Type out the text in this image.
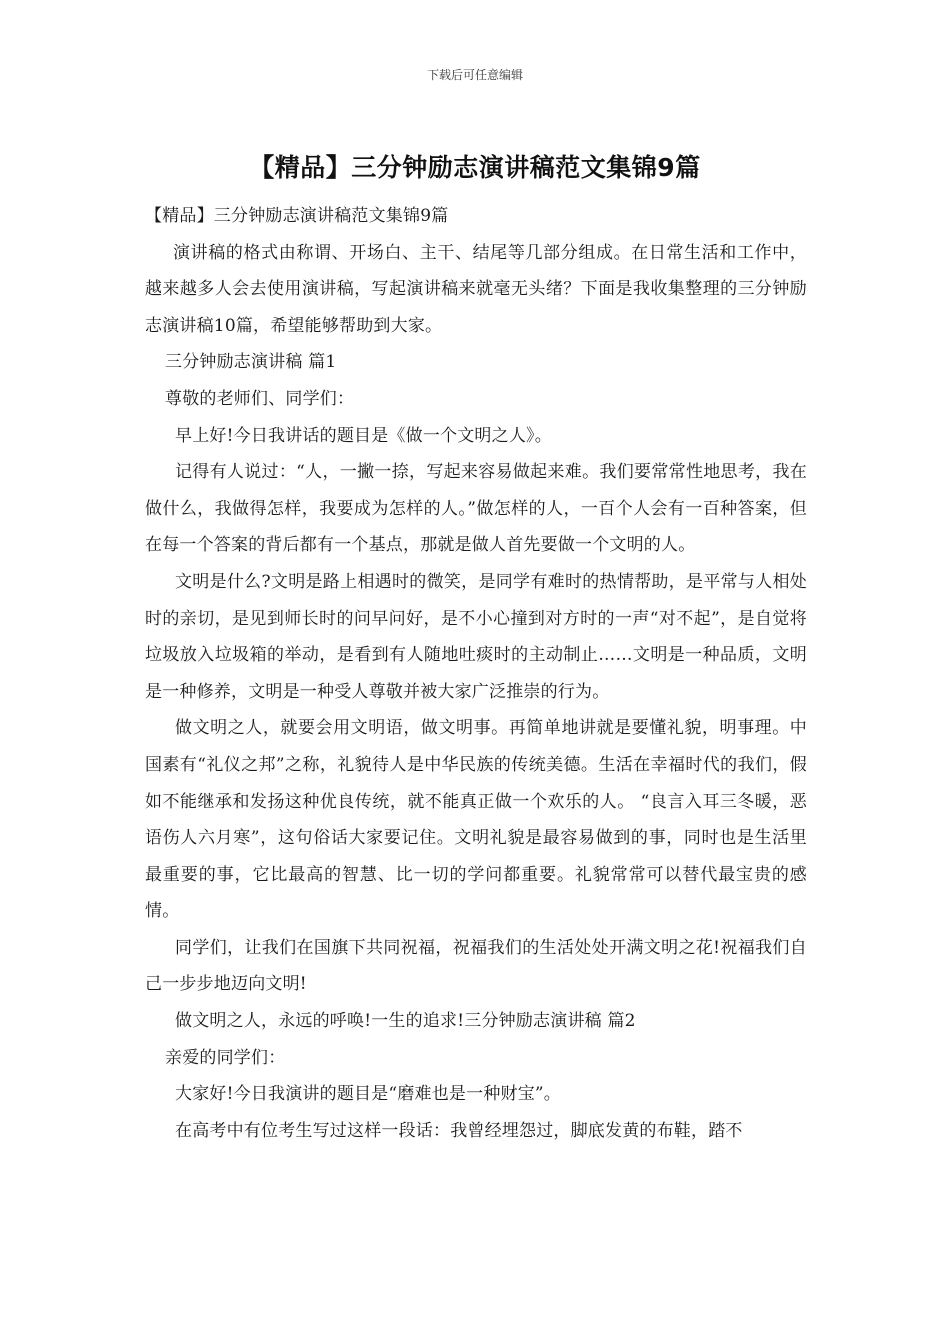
下载后可任意编辑
【精品】三分钟励志演讲稿范文集锦9篇

【精品】三分钟励志演讲稿范文集锦9篇

演讲稿的格式由称谓、开场白、主干、结尾等几部分组成。在日常生活和工作中，越来越多人会去使用演讲稿，写起演讲稿来就毫无头绪？下面是我收集整理的三分钟励志演讲稿10篇，希望能够帮助到大家。

三分钟励志演讲稿 篇1

尊敬的老师们、同学们：

早上好!今日我讲话的题目是《做一个文明之人》。

记得有人说过：“人，一撇一捺，写起来容易做起来难。我们要常常性地思考，我在做什么，我做得怎样，我要成为怎样的人。”做怎样的人，一百个人会有一百种答案，但在每一个答案的背后都有一个基点，那就是做人首先要做一个文明的人。

文明是什么?文明是路上相遇时的微笑，是同学有难时的热情帮助，是平常与人相处时的亲切，是见到师长时的问早问好，是不小心撞到对方时的一声“对不起”，是自觉将垃圾放入垃圾箱的举动，是看到有人随地吐痰时的主动制止……文明是一种品质，文明是一种修养，文明是一种受人尊敬并被大家广泛推崇的行为。

做文明之人，就要会用文明语，做文明事。再简单地讲就是要懂礼貌，明事理。中国素有“礼仪之邦”之称，礼貌待人是中华民族的传统美德。生活在幸福时代的我们，假如不能继承和发扬这种优良传统，就不能真正做一个欢乐的人。 “良言入耳三冬暖，恶语伤人六月寒”，这句俗话大家要记住。文明礼貌是最容易做到的事，同时也是生活里最重要的事，它比最高的智慧、比一切的学问都重要。礼貌常常可以替代最宝贵的感情。

同学们，让我们在国旗下共同祝福，祝福我们的生活处处开满文明之花!祝福我们自己一步步地迈向文明!

做文明之人，永远的呼唤!一生的追求!三分钟励志演讲稿 篇2

亲爱的同学们：

大家好!今日我演讲的题目是“磨难也是一种财宝”。

在高考中有位考生写过这样一段话：我曾经埋怨过，脚底发黄的布鞋，踏不
